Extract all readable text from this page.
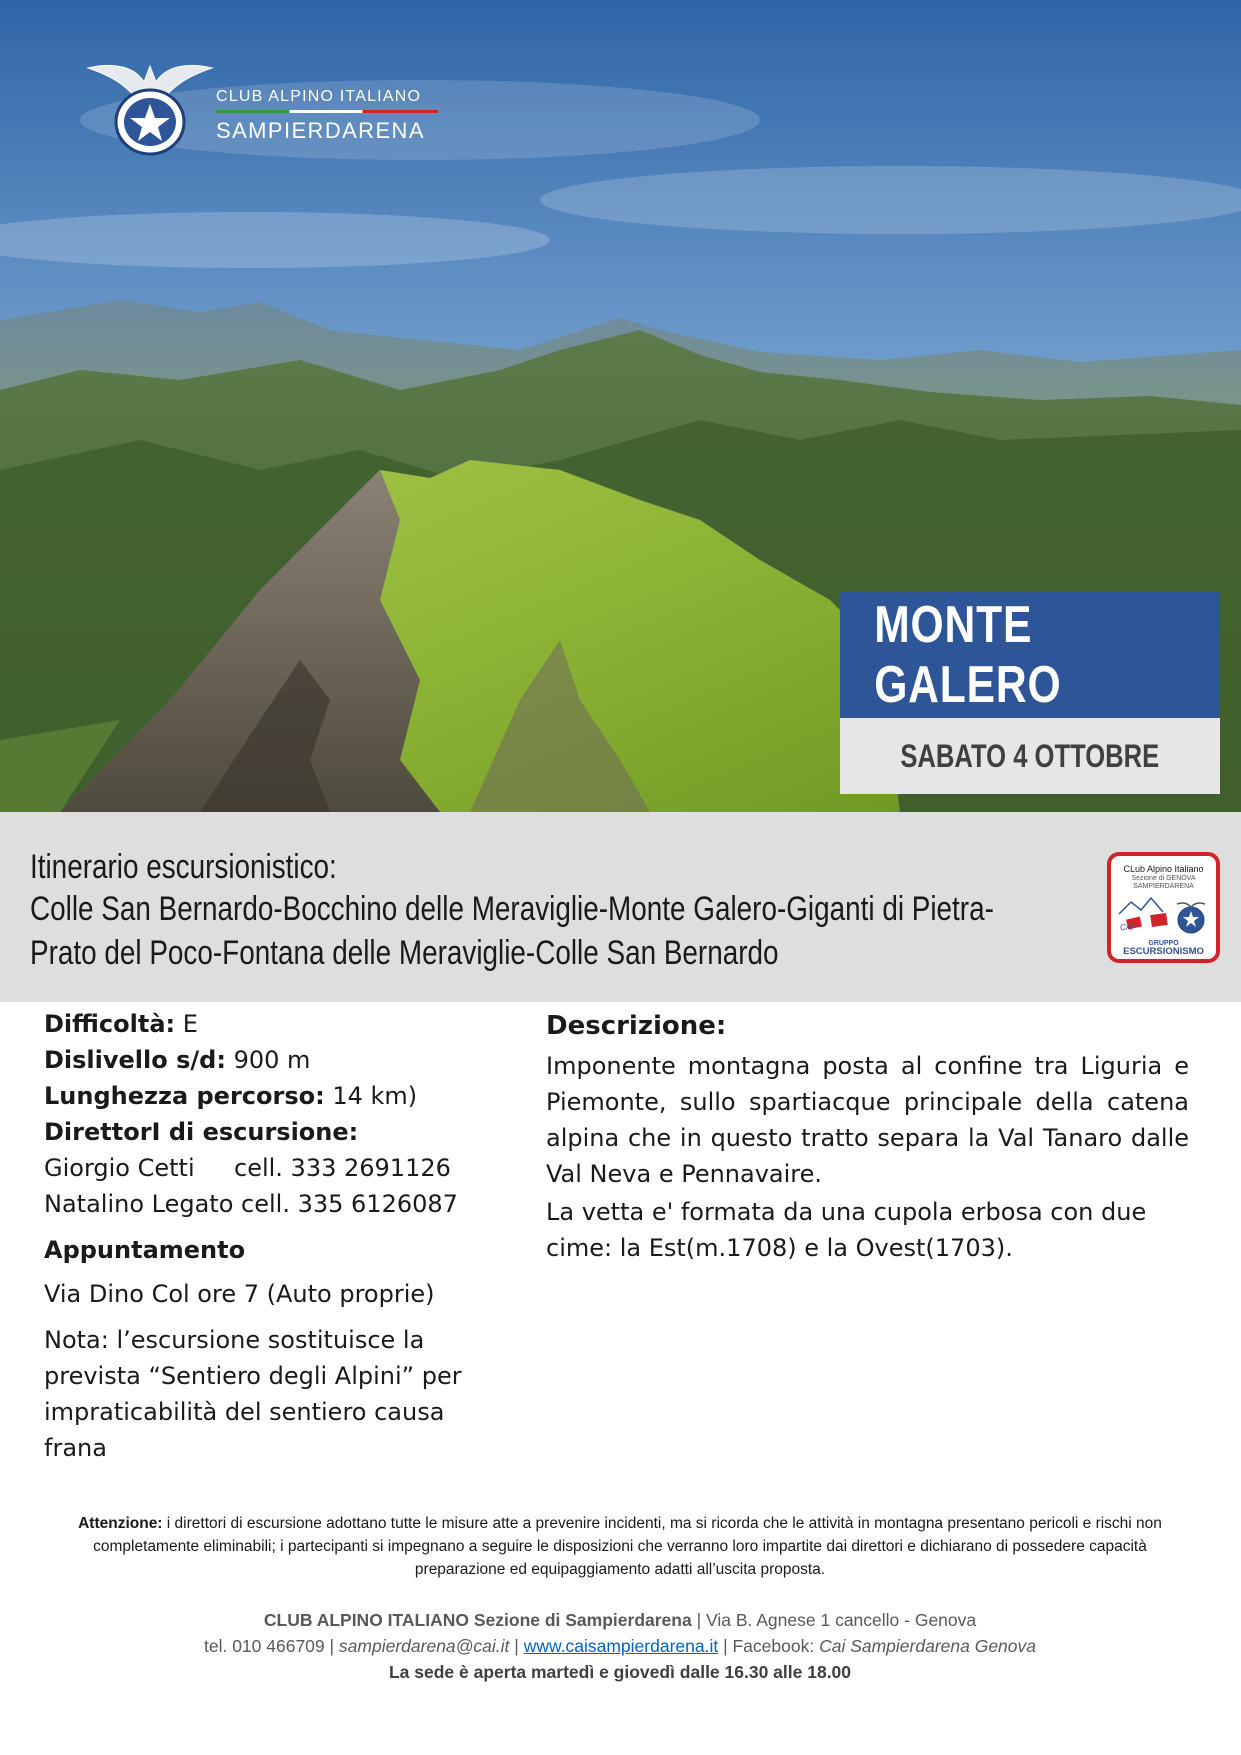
CLUB ALPINO ITALIANO
SAMPIERDARENA
MONTE GALERO
SABATO 4 OTTOBRE
Itinerario escursionistico:
Colle San Bernardo-Bocchino delle Meraviglie-Monte Galero-Giganti di Pietra-
Prato del Poco-Fontana delle Meraviglie-Colle San Bernardo
CLub Alpino Italiano
Sezione di GENOVA
SAMPIERDARENA
CAI
GRUPPO
ESCURSIONISMO
Difficoltà: E
Dislivello s/d: 900 m
Lunghezza percorso: 14 km)
DirettorI di escursione:
Giorgio Cetti cell. 333 2691126
Natalino Legato cell. 335 6126087
Appuntamento
Via Dino Col ore 7 (Auto proprie)
Nota: l’escursione sostituisce la prevista “Sentiero degli Alpini” per impraticabilità del sentiero causa frana
Descrizione:

Imponente montagna posta al confine tra Liguria e Piemonte, sullo spartiacque principale della catena alpina che in questo tratto separa la Val Tanaro dalle Val Neva e Pennavaire.

La vetta e' formata da una cupola erbosa con due cime: la Est(m.1708) e la Ovest(1703).

Attenzione: i direttori di escursione adottano tutte le misure atte a prevenire incidenti, ma si ricorda che le attività in montagna presentano pericoli e rischi non completamente eliminabili; i partecipanti si impegnano a seguire le disposizioni che verranno loro impartite dai direttori e dichiarano di possedere capacità preparazione ed equipaggiamento adatti all’uscita proposta.
CLUB ALPINO ITALIANO Sezione di Sampierdarena | Via B. Agnese 1 cancello - Genova
tel. 010 466709 | sampierdarena@cai.it | www.caisampierdarena.it | Facebook: Cai Sampierdarena Genova
La sede è aperta martedì e giovedì dalle 16.30 alle 18.00
